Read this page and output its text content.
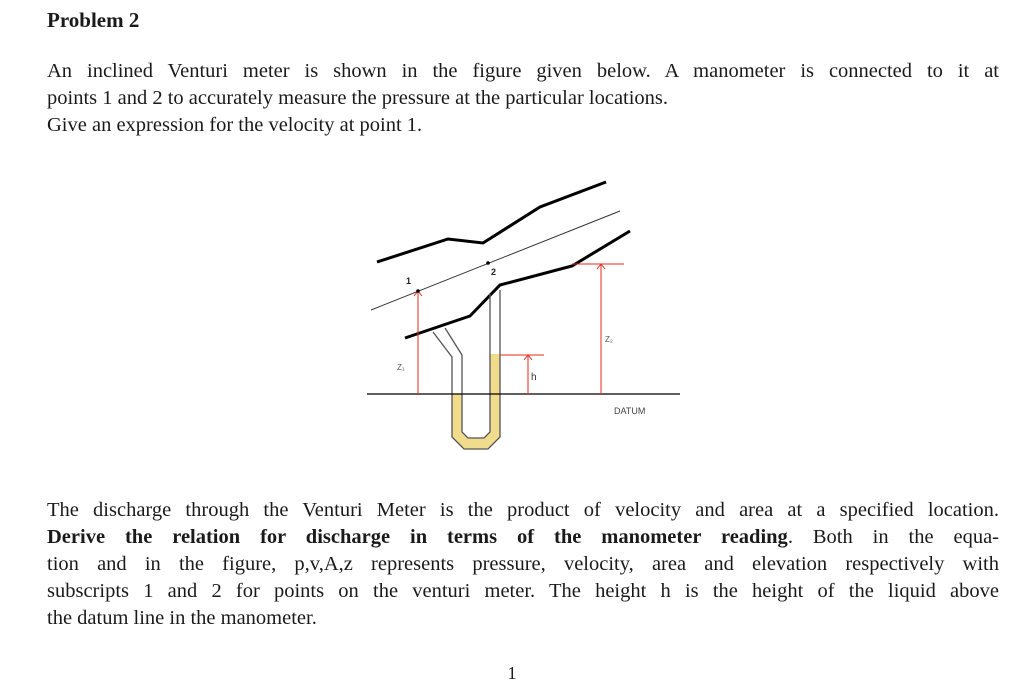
Problem 2
An inclined Venturi meter is shown in the figure given below. A manometer is connected to it at
points 1 and 2 to accurately measure the pressure at the particular locations.
Give an expression for the velocity at point 1.
1
2
Z₁
Z₂
h
DATUM
The discharge through the Venturi Meter is the product of velocity and area at a specified location.
Derive the relation for discharge in terms of the manometer reading. Both in the equa-
tion and in the figure, p,v,A,z represents pressure, velocity, area and elevation respectively with
subscripts 1 and 2 for points on the venturi meter. The height h is the height of the liquid above
the datum line in the manometer.
1
